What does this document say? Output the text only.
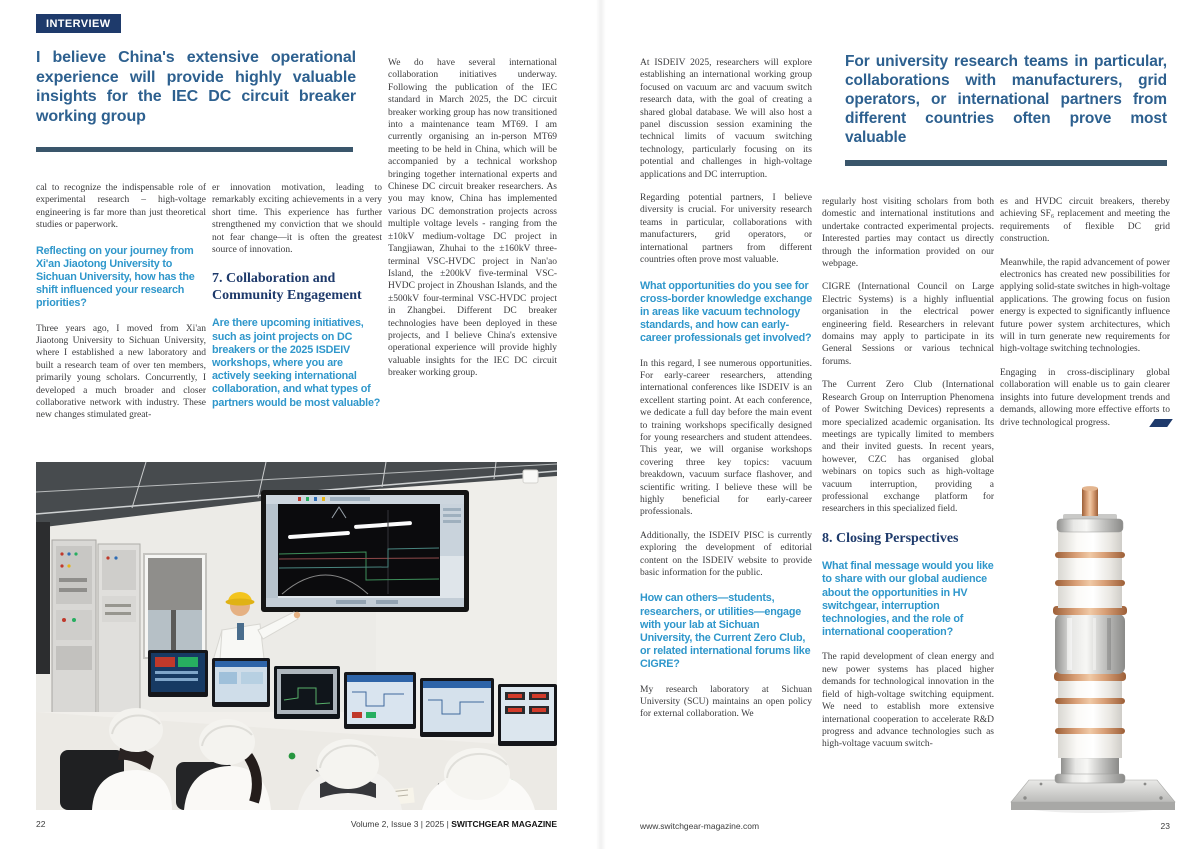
INTERVIEW
I believe China's extensive operational experience will provide highly valuable insights for the IEC DC circuit breaker working group

cal to recognize the indispensable role of experimental research – high-voltage engineering is far more than just theoretical studies or paperwork.

Reflecting on your journey from Xi'an Jiaotong University to Sichuan University, how has the shift influenced your research priorities?

Three years ago, I moved from Xi'an Jiaotong University to Sichuan University, where I established a new laboratory and built a research team of over ten members, primarily young scholars. Concurrently, I developed a much broader and closer collaborative network with industry. These new changes stimulated great-

er innovation motivation, leading to remarkably exciting achievements in a very short time. This experience has further strengthened my conviction that we should not fear change—it is often the greatest source of innovation.

7. Collaboration and Community Engagement
Are there upcoming initiatives, such as joint projects on DC breakers or the 2025 ISDEIV workshops, where you are actively seeking international collaboration, and what types of partners would be most valuable?

We do have several international collaboration initiatives underway. Following the publication of the IEC standard in March 2025, the DC circuit breaker working group has now transitioned into a maintenance team MT69. I am currently organising an in-person MT69 meeting to be held in China, which will be accompanied by a technical workshop bringing together international experts and Chinese DC circuit breaker researchers. As you may know, China has implemented various DC demonstration projects across multiple voltage levels - ranging from the ±10kV medium-voltage DC project in Tangjiawan, Zhuhai to the ±160kV three-terminal VSC-HVDC project in Nan'ao Island, the ±200kV five-terminal VSC-HVDC project in Zhoushan Islands, and the ±500kV four-terminal VSC-HVDC project in Zhangbei. Different DC breaker technologies have been deployed in these projects, and I believe China's extensive operational experience will provide highly valuable insights for the IEC DC circuit breaker working group.

22	Volume 2, Issue 3 | 2025 | SWITCHGEAR MAGAZINE
For university research teams in particular, collaborations with manufacturers, grid operators, or international partners from different countries often prove most valuable

At ISDEIV 2025, researchers will explore establishing an international working group focused on vacuum arc and vacuum switch research data, with the goal of creating a shared global database. We will also host a panel discussion session examining the technical limits of vacuum switching technology, particularly focusing on its potential and challenges in high-voltage applications and DC interruption.

Regarding potential partners, I believe diversity is crucial. For university research teams in particular, collaborations with manufacturers, grid operators, or international partners from different countries often prove most valuable.

What opportunities do you see for cross-border knowledge exchange in areas like vacuum technology standards, and how can early-career professionals get involved?

In this regard, I see numerous opportunities. For early-career researchers, attending international conferences like ISDEIV is an excellent starting point. At each conference, we dedicate a full day before the main event to training workshops specifically designed for young researchers and student attendees. This year, we will organise workshops covering three key topics: vacuum breakdown, vacuum surface flashover, and scientific writing. I believe these will be highly beneficial for early-career professionals.

Additionally, the ISDEIV PISC is currently exploring the development of editorial content on the ISDEIV website to provide basic information for the public.

How can others—students, researchers, or utilities—engage with your lab at Sichuan University, the Current Zero Club, or related international forums like CIGRE?

My research laboratory at Sichuan University (SCU) maintains an open policy for external collaboration. We

regularly host visiting scholars from both domestic and international institutions and undertake contracted experimental projects. Interested parties may contact us directly through the information provided on our webpage.

CIGRE (International Council on Large Electric Systems) is a highly influential organisation in the electrical power engineering field. Researchers in relevant domains may apply to participate in its General Sessions or various technical forums.

The Current Zero Club (International Research Group on Interruption Phenomena of Power Switching Devices) represents a more specialized academic organisation. Its meetings are typically limited to members and their invited guests. In recent years, however, CZC has organised global webinars on topics such as high-voltage vacuum interruption, providing a professional exchange platform for researchers in this specialized field.

8. Closing Perspectives
What final message would you like to share with our global audience about the opportunities in HV switchgear, interruption technologies, and the role of international cooperation?

The rapid development of clean energy and new power systems has placed higher demands for technological innovation in the field of high-voltage switching equipment. We need to establish more extensive international cooperation to accelerate R&D progress and advance technologies such as high-voltage vacuum switch-

es and HVDC circuit breakers, thereby achieving SF₆ replacement and meeting the requirements of flexible DC grid construction.

Meanwhile, the rapid advancement of power electronics has created new possibilities for applying solid-state switches in high-voltage applications. The growing focus on fusion energy is expected to significantly influence future power system architectures, which will in turn generate new requirements for high-voltage switching technologies.

Engaging in cross-disciplinary global collaboration will enable us to gain clearer insights into future development trends and demands, allowing more effective efforts to drive technological progress.

www.switchgear-magazine.com	23
